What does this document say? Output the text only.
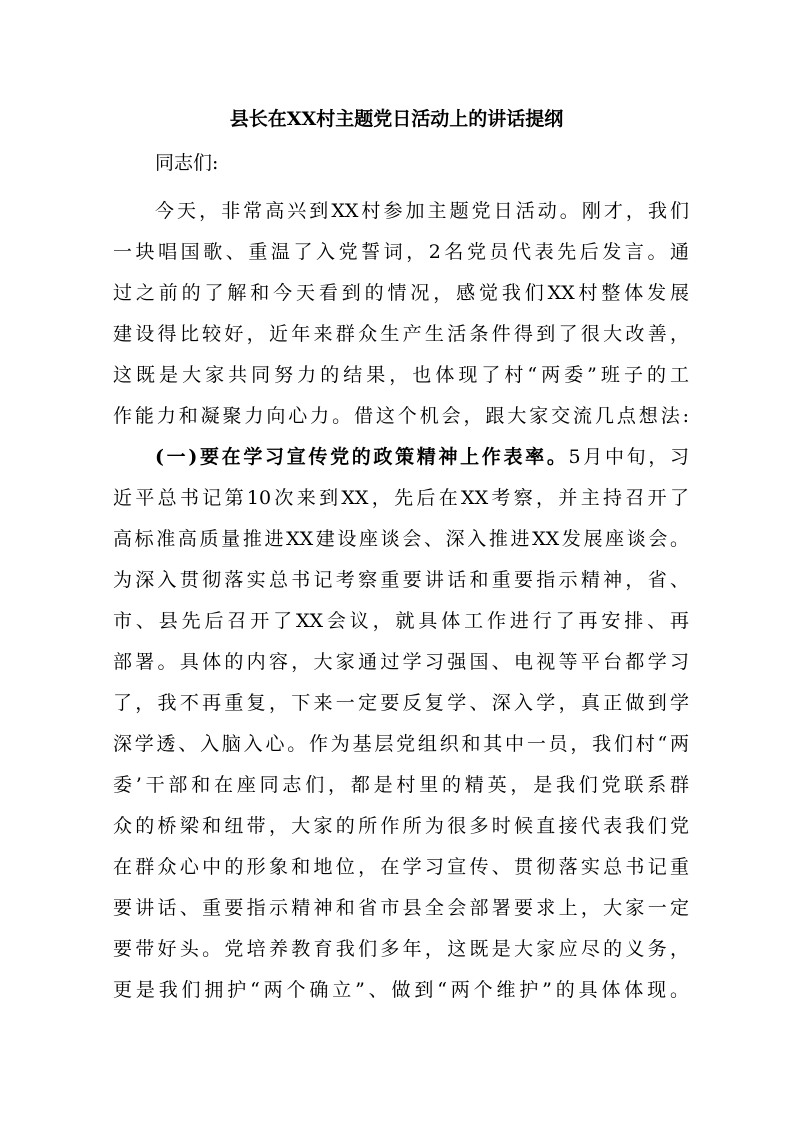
县长在XX村主题党日活动上的讲话提纲

同志们:

今天，非常高兴到XX村参加主题党日活动。刚才，我们

一块唱国歌、重温了入党誓词，2名党员代表先后发言。通

过之前的了解和今天看到的情况，感觉我们XX村整体发展

建设得比较好，近年来群众生产生活条件得到了很大改善，

这既是大家共同努力的结果，也体现了村“两委”班子的工

作能力和凝聚力向心力。借这个机会，跟大家交流几点想法:

(一)要在学习宣传党的政策精神上作表率。5月中旬，习

近平总书记第10次来到XX，先后在XX考察，并主持召开了

高标准高质量推进XX建设座谈会、深入推进XX发展座谈会。

为深入贯彻落实总书记考察重要讲话和重要指示精神，省、

市、县先后召开了XX会议，就具体工作进行了再安排、再

部署。具体的内容，大家通过学习强国、电视等平台都学习

了，我不再重复，下来一定要反复学、深入学，真正做到学

深学透、入脑入心。作为基层党组织和其中一员，我们村“两

委’干部和在座同志们，都是村里的精英，是我们党联系群

众的桥梁和纽带，大家的所作所为很多时候直接代表我们党

在群众心中的形象和地位，在学习宣传、贯彻落实总书记重

要讲话、重要指示精神和省市县全会部署要求上，大家一定

要带好头。党培养教育我们多年，这既是大家应尽的义务，

更是我们拥护“两个确立”、做到“两个维护”的具体体现。
